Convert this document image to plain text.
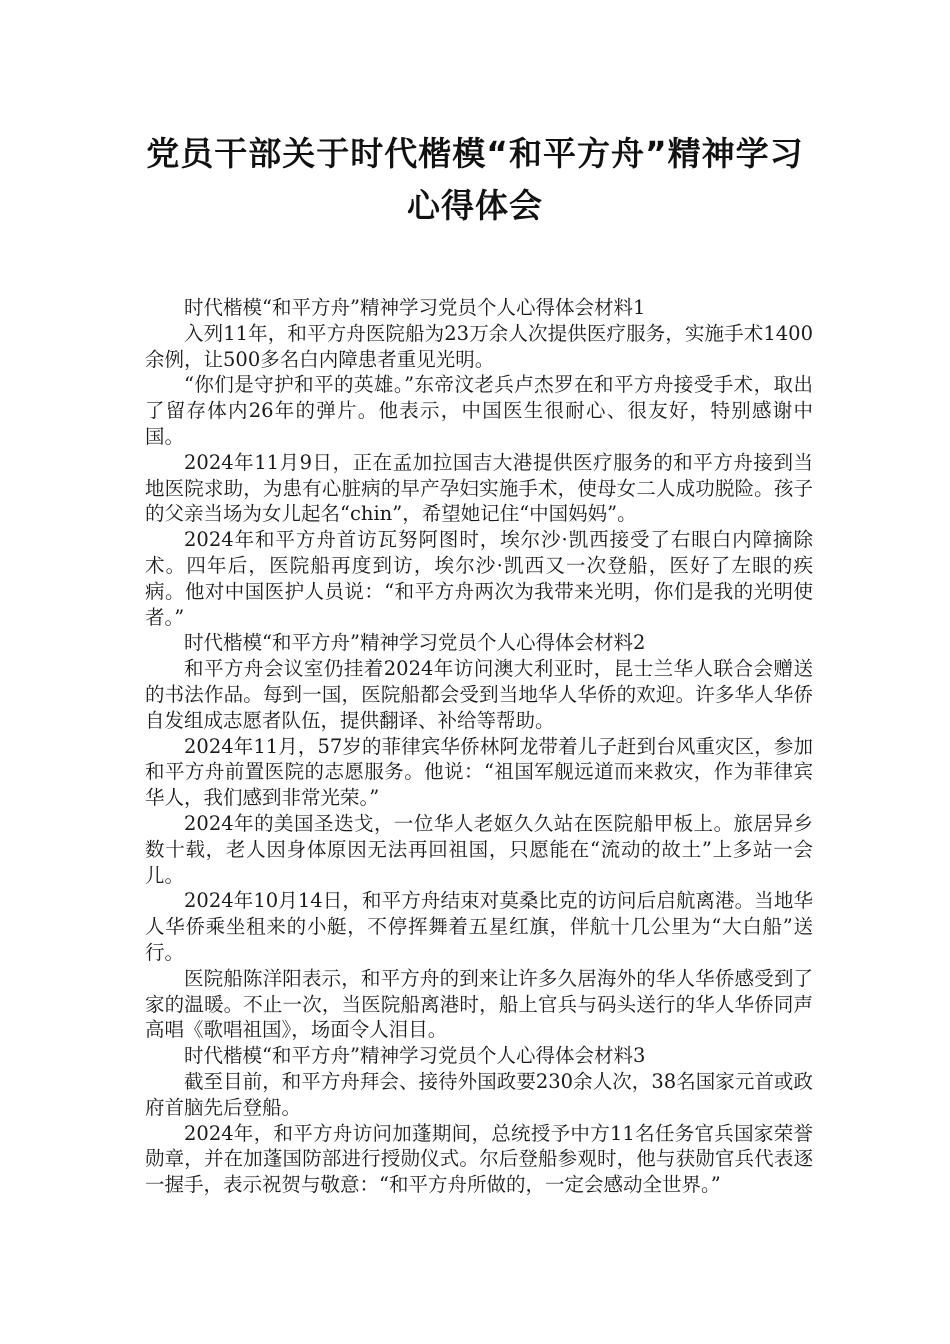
党员干部关于时代楷模“和平方舟”精神学习心得体会

时代楷模“和平方舟”精神学习党员个人心得体会材料1

入列11年，和平方舟医院船为23万余人次提供医疗服务，实施手术1400余例，让500多名白内障患者重见光明。

“你们是守护和平的英雄。”东帝汶老兵卢杰罗在和平方舟接受手术，取出了留存体内26年的弹片。他表示，中国医生很耐心、很友好，特别感谢中国。

2024年11月9日，正在孟加拉国吉大港提供医疗服务的和平方舟接到当地医院求助，为患有心脏病的早产孕妇实施手术，使母女二人成功脱险。孩子的父亲当场为女儿起名“chin”，希望她记住“中国妈妈”。

2024年和平方舟首访瓦努阿图时，埃尔沙·凯西接受了右眼白内障摘除术。四年后，医院船再度到访，埃尔沙·凯西又一次登船，医好了左眼的疾病。他对中国医护人员说：“和平方舟两次为我带来光明，你们是我的光明使者。”

时代楷模“和平方舟”精神学习党员个人心得体会材料2

和平方舟会议室仍挂着2024年访问澳大利亚时，昆士兰华人联合会赠送的书法作品。每到一国，医院船都会受到当地华人华侨的欢迎。许多华人华侨自发组成志愿者队伍，提供翻译、补给等帮助。

2024年11月，57岁的菲律宾华侨林阿龙带着儿子赶到台风重灾区，参加和平方舟前置医院的志愿服务。他说：“祖国军舰远道而来救灾，作为菲律宾华人，我们感到非常光荣。”

2024年的美国圣迭戈，一位华人老妪久久站在医院船甲板上。旅居异乡数十载，老人因身体原因无法再回祖国，只愿能在“流动的故土”上多站一会儿。

2024年10月14日，和平方舟结束对莫桑比克的访问后启航离港。当地华人华侨乘坐租来的小艇，不停挥舞着五星红旗，伴航十几公里为“大白船”送行。

医院船陈洋阳表示，和平方舟的到来让许多久居海外的华人华侨感受到了家的温暖。不止一次，当医院船离港时，船上官兵与码头送行的华人华侨同声高唱《歌唱祖国》，场面令人泪目。

时代楷模“和平方舟”精神学习党员个人心得体会材料3

截至目前，和平方舟拜会、接待外国政要230余人次，38名国家元首或政府首脑先后登船。

2024年，和平方舟访问加蓬期间，总统授予中方11名任务官兵国家荣誉勋章，并在加蓬国防部进行授勋仪式。尔后登船参观时，他与获勋官兵代表逐一握手，表示祝贺与敬意：“和平方舟所做的，一定会感动全世界。”
